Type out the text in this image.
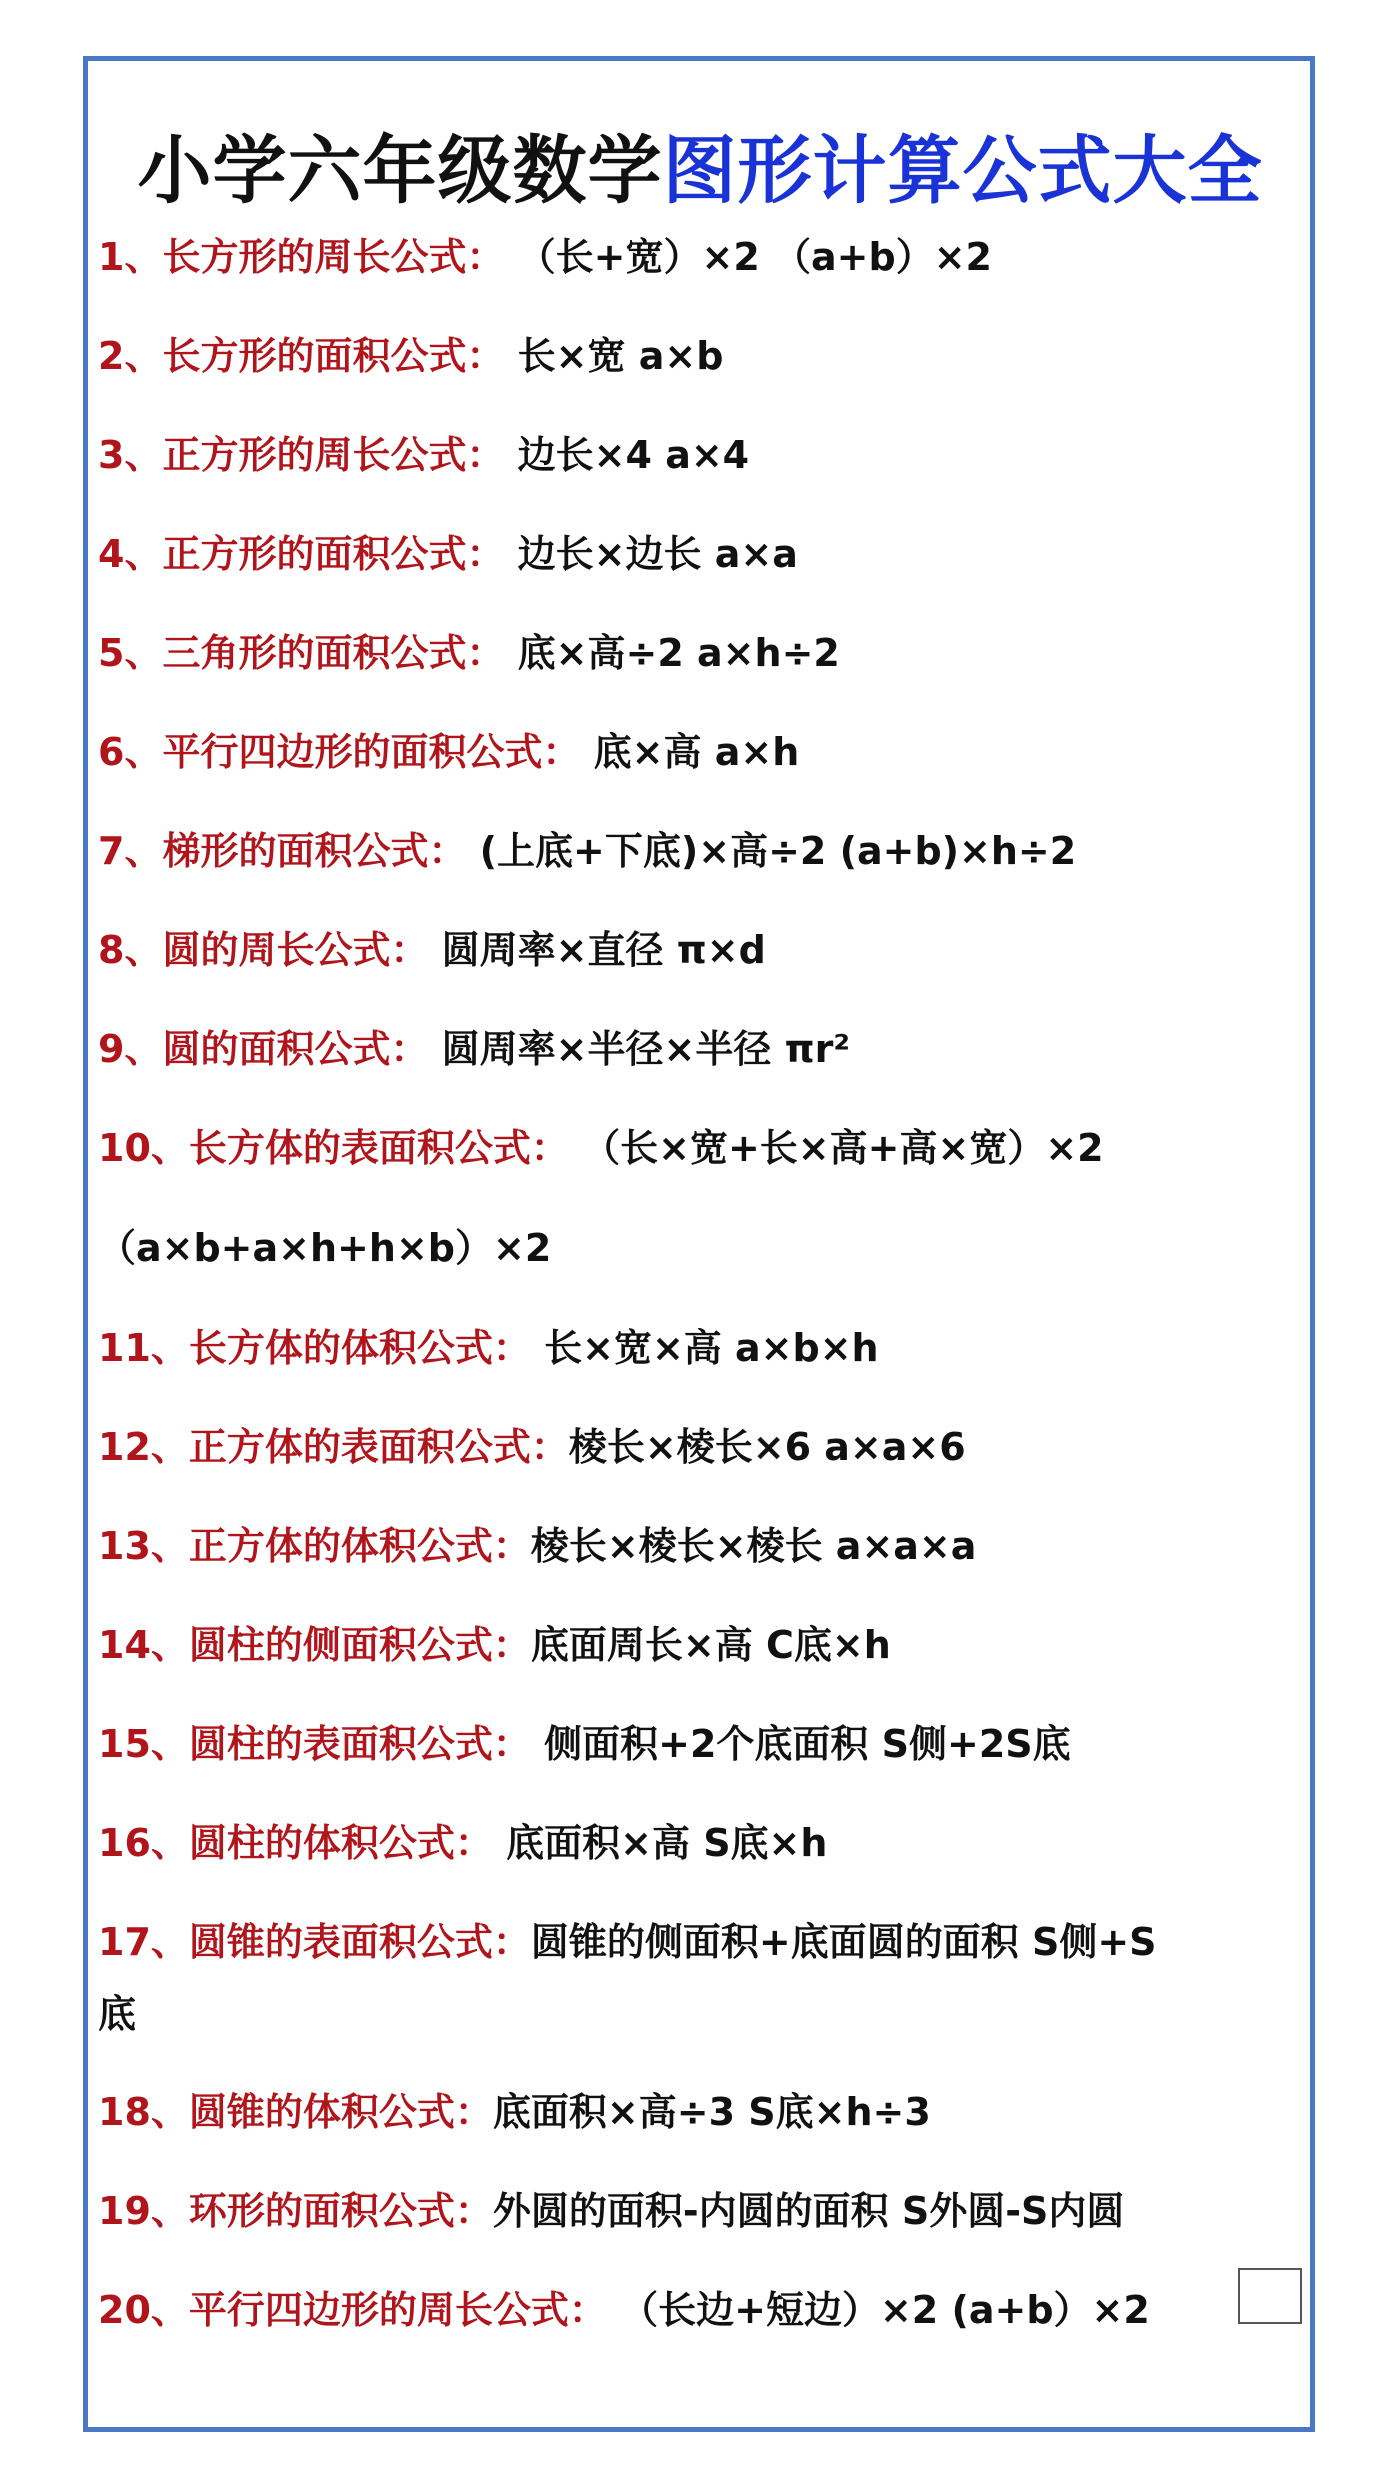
小学六年级数学图形计算公式大全
1、长方形的周长公式： （长+宽）×2 （a+b）×2
2、长方形的面积公式： 长×宽 a×b
3、正方形的周长公式： 边长×4 a×4
4、正方形的面积公式： 边长×边长 a×a
5、三角形的面积公式： 底×高÷2 a×h÷2
6、平行四边形的面积公式： 底×高 a×h
7、梯形的面积公式： (上底+下底)×高÷2 (a+b)×h÷2
8、圆的周长公式： 圆周率×直径 π×d
9、圆的面积公式： 圆周率×半径×半径 πr²
10、长方体的表面积公式： （长×宽+长×高+高×宽）×2
（a×b+a×h+h×b）×2
11、长方体的体积公式： 长×宽×高 a×b×h
12、正方体的表面积公式：棱长×棱长×6 a×a×6
13、正方体的体积公式：棱长×棱长×棱长 a×a×a
14、圆柱的侧面积公式：底面周长×高 C底×h
15、圆柱的表面积公式： 侧面积+2个底面积 S侧+2S底
16、圆柱的体积公式： 底面积×高 S底×h
17、圆锥的表面积公式：圆锥的侧面积+底面圆的面积 S侧+S
底
18、圆锥的体积公式：底面积×高÷3 S底×h÷3
19、环形的面积公式：外圆的面积-内圆的面积 S外圆-S内圆
20、平行四边形的周长公式： （长边+短边）×2 (a+b）×2
